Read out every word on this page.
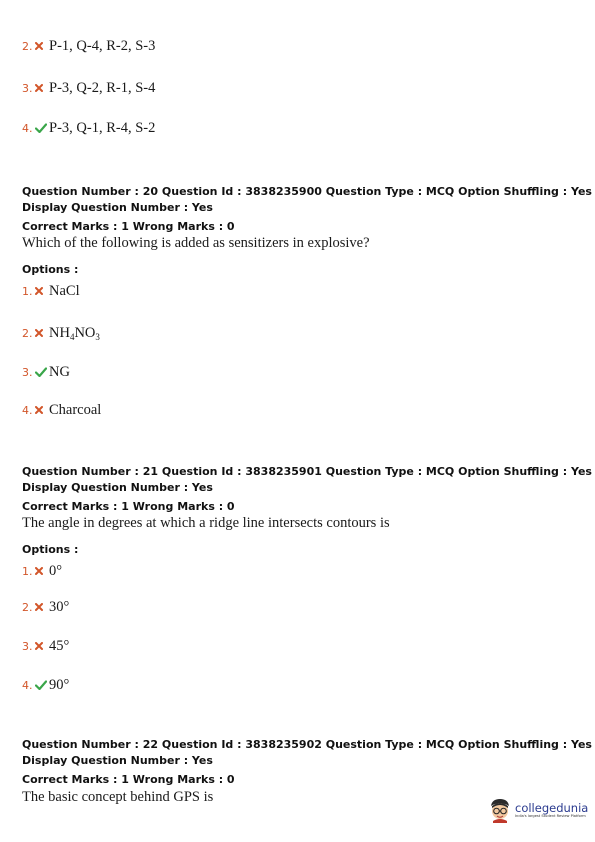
2. P-1, Q-4, R-2, S-3
3. P-3, Q-2, R-1, S-4
4. P-3, Q-1, R-4, S-2
Question Number : 20 Question Id : 3838235900 Question Type : MCQ Option Shuffling : Yes
Display Question Number : Yes
Correct Marks : 1 Wrong Marks : 0
Which of the following is added as sensitizers in explosive?
Options :
1. NaCl
2. $NH_4NO_3$
3. NG
4. Charcoal
Question Number : 21 Question Id : 3838235901 Question Type : MCQ Option Shuffling : Yes
Display Question Number : Yes
Correct Marks : 1 Wrong Marks : 0
The angle in degrees at which a ridge line intersects contours is
Options :
1. 0°
2. 30°
3. 45°
4. 90°
Question Number : 22 Question Id : 3838235902 Question Type : MCQ Option Shuffling : Yes
Display Question Number : Yes
Correct Marks : 1 Wrong Marks : 0
The basic concept behind GPS is
collegedunia
India's largest Student Review Platform
